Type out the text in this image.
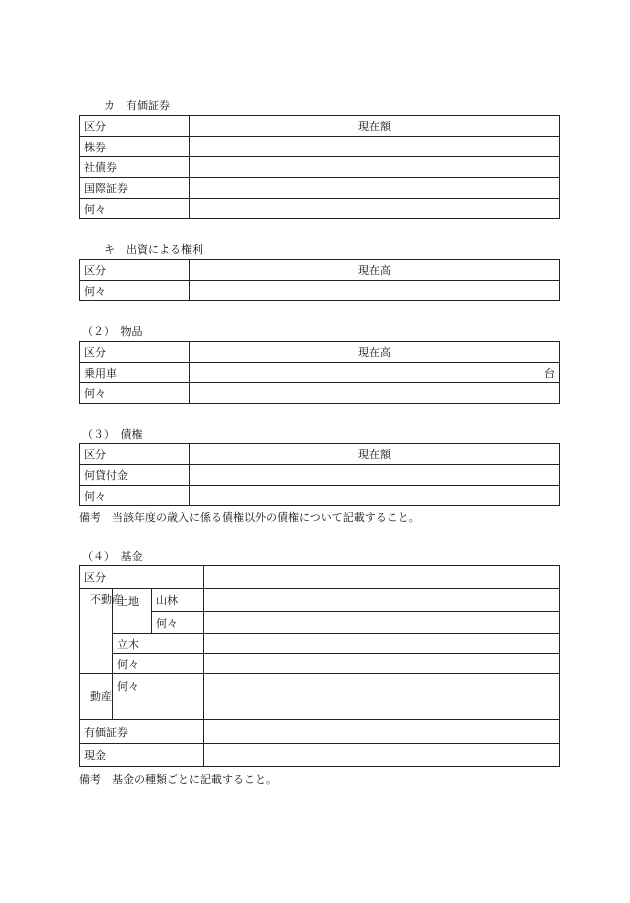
カ　有価証券
区分	現在額
株券	
社債券	
国際証券	
何々	
キ　出資による権利
区分	現在高
何々	
（２）　物品
区分	現在高
乗用車	台
何々	
（３）　債権
区分	現在額
何貸付金	
何々	
備考　当該年度の歳入に係る債権以外の債権について記載すること。
（４）　基金
区分			
不動産	土地	山林	
		何々	
	立木		
	何々		
動産	何々		
有価証券			
現金			
備考　基金の種類ごとに記載すること。
